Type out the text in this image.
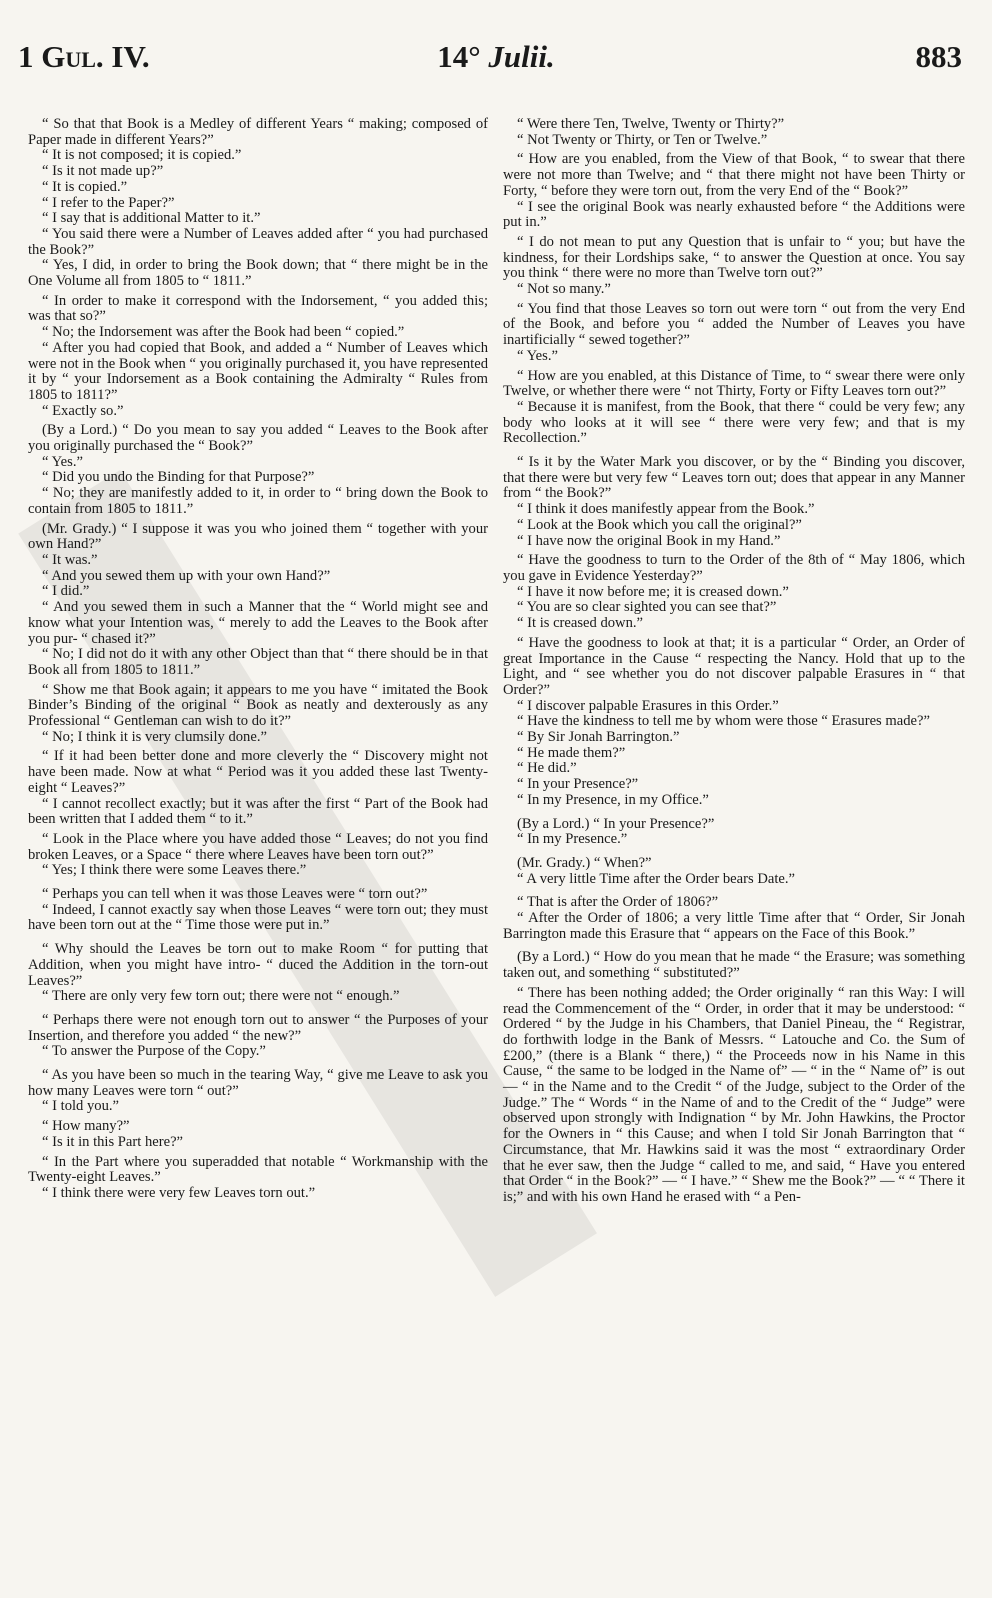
1 Gul. IV.	14° Julii.	883

“ So that that Book is a Medley of different Years “ making; composed of Paper made in different Years?”

“ It is not composed; it is copied.”

“ Is it not made up?”

“ It is copied.”

“ I refer to the Paper?”

“ I say that is additional Matter to it.”

“ You said there were a Number of Leaves added after “ you had purchased the Book?”

“ Yes, I did, in order to bring the Book down; that “ there might be in the One Volume all from 1805 to “ 1811.”

“ In order to make it correspond with the Indorsement, “ you added this; was that so?”

“ No; the Indorsement was after the Book had been “ copied.”

“ After you had copied that Book, and added a “ Number of Leaves which were not in the Book when “ you originally purchased it, you have represented it by “ your Indorsement as a Book containing the Admiralty “ Rules from 1805 to 1811?”

“ Exactly so.”

(By a Lord.) “ Do you mean to say you added “ Leaves to the Book after you originally purchased the “ Book?”

“ Yes.”

“ Did you undo the Binding for that Purpose?”

“ No; they are manifestly added to it, in order to “ bring down the Book to contain from 1805 to 1811.”

(Mr. Grady.) “ I suppose it was you who joined them “ together with your own Hand?”

“ It was.”

“ And you sewed them up with your own Hand?”

“ I did.”

“ And you sewed them in such a Manner that the “ World might see and know what your Intention was, “ merely to add the Leaves to the Book after you pur- “ chased it?”

“ No; I did not do it with any other Object than that “ there should be in that Book all from 1805 to 1811.”

“ Show me that Book again; it appears to me you have “ imitated the Book Binder’s Binding of the original “ Book as neatly and dexterously as any Professional “ Gentleman can wish to do it?”

“ No; I think it is very clumsily done.”

“ If it had been better done and more cleverly the “ Discovery might not have been made. Now at what “ Period was it you added these last Twenty-eight “ Leaves?”

“ I cannot recollect exactly; but it was after the first “ Part of the Book had been written that I added them “ to it.”

“ Look in the Place where you have added those “ Leaves; do not you find broken Leaves, or a Space “ there where Leaves have been torn out?”

“ Yes; I think there were some Leaves there.”

“ Perhaps you can tell when it was those Leaves were “ torn out?”

“ Indeed, I cannot exactly say when those Leaves “ were torn out; they must have been torn out at the “ Time those were put in.”

“ Why should the Leaves be torn out to make Room “ for putting that Addition, when you might have intro- “ duced the Addition in the torn-out Leaves?”

“ There are only very few torn out; there were not “ enough.”

“ Perhaps there were not enough torn out to answer “ the Purposes of your Insertion, and therefore you added “ the new?”

“ To answer the Purpose of the Copy.”

“ As you have been so much in the tearing Way, “ give me Leave to ask you how many Leaves were torn “ out?”

“ I told you.”

“ How many?”

“ Is it in this Part here?”

“ In the Part where you superadded that notable “ Workmanship with the Twenty-eight Leaves.”

“ I think there were very few Leaves torn out.”

“ Were there Ten, Twelve, Twenty or Thirty?”

“ Not Twenty or Thirty, or Ten or Twelve.”

“ How are you enabled, from the View of that Book, “ to swear that there were not more than Twelve; and “ that there might not have been Thirty or Forty, “ before they were torn out, from the very End of the “ Book?”

“ I see the original Book was nearly exhausted before “ the Additions were put in.”

“ I do not mean to put any Question that is unfair to “ you; but have the kindness, for their Lordships sake, “ to answer the Question at once. You say you think “ there were no more than Twelve torn out?”

“ Not so many.”

“ You find that those Leaves so torn out were torn “ out from the very End of the Book, and before you “ added the Number of Leaves you have inartificially “ sewed together?”

“ Yes.”

“ How are you enabled, at this Distance of Time, to “ swear there were only Twelve, or whether there were “ not Thirty, Forty or Fifty Leaves torn out?”

“ Because it is manifest, from the Book, that there “ could be very few; any body who looks at it will see “ there were very few; and that is my Recollection.”

“ Is it by the Water Mark you discover, or by the “ Binding you discover, that there were but very few “ Leaves torn out; does that appear in any Manner from “ the Book?”

“ I think it does manifestly appear from the Book.”

“ Look at the Book which you call the original?”

“ I have now the original Book in my Hand.”

“ Have the goodness to turn to the Order of the 8th of “ May 1806, which you gave in Evidence Yesterday?”

“ I have it now before me; it is creased down.”

“ You are so clear sighted you can see that?”

“ It is creased down.”

“ Have the goodness to look at that; it is a particular “ Order, an Order of great Importance in the Cause “ respecting the Nancy. Hold that up to the Light, and “ see whether you do not discover palpable Erasures in “ that Order?”

“ I discover palpable Erasures in this Order.”

“ Have the kindness to tell me by whom were those “ Erasures made?”

“ By Sir Jonah Barrington.”

“ He made them?”

“ He did.”

“ In your Presence?”

“ In my Presence, in my Office.”

(By a Lord.) “ In your Presence?”

“ In my Presence.”

(Mr. Grady.) “ When?”

“ A very little Time after the Order bears Date.”

“ That is after the Order of 1806?”

“ After the Order of 1806; a very little Time after that “ Order, Sir Jonah Barrington made this Erasure that “ appears on the Face of this Book.”

(By a Lord.) “ How do you mean that he made “ the Erasure; was something taken out, and something “ substituted?”

“ There has been nothing added; the Order originally “ ran this Way: I will read the Commencement of the “ Order, in order that it may be understood: “ Ordered “ by the Judge in his Chambers, that Daniel Pineau, the “ Registrar, do forthwith lodge in the Bank of Messrs. “ Latouche and Co. the Sum of £200,” (there is a Blank “ there,) “ the Proceeds now in his Name in this Cause, “ the same to be lodged in the Name of” — “ in the “ Name of” is out — “ in the Name and to the Credit “ of the Judge, subject to the Order of the Judge.” The “ Words “ in the Name of and to the Credit of the “ Judge” were observed upon strongly with Indignation “ by Mr. John Hawkins, the Proctor for the Owners in “ this Cause; and when I told Sir Jonah Barrington that “ Circumstance, that Mr. Hawkins said it was the most “ extraordinary Order that he ever saw, then the Judge “ called to me, and said, “ Have you entered that Order “ in the Book?” — “ I have.” “ Shew me the Book?” — “ “ There it is;” and with his own Hand he erased with “ a Pen-
